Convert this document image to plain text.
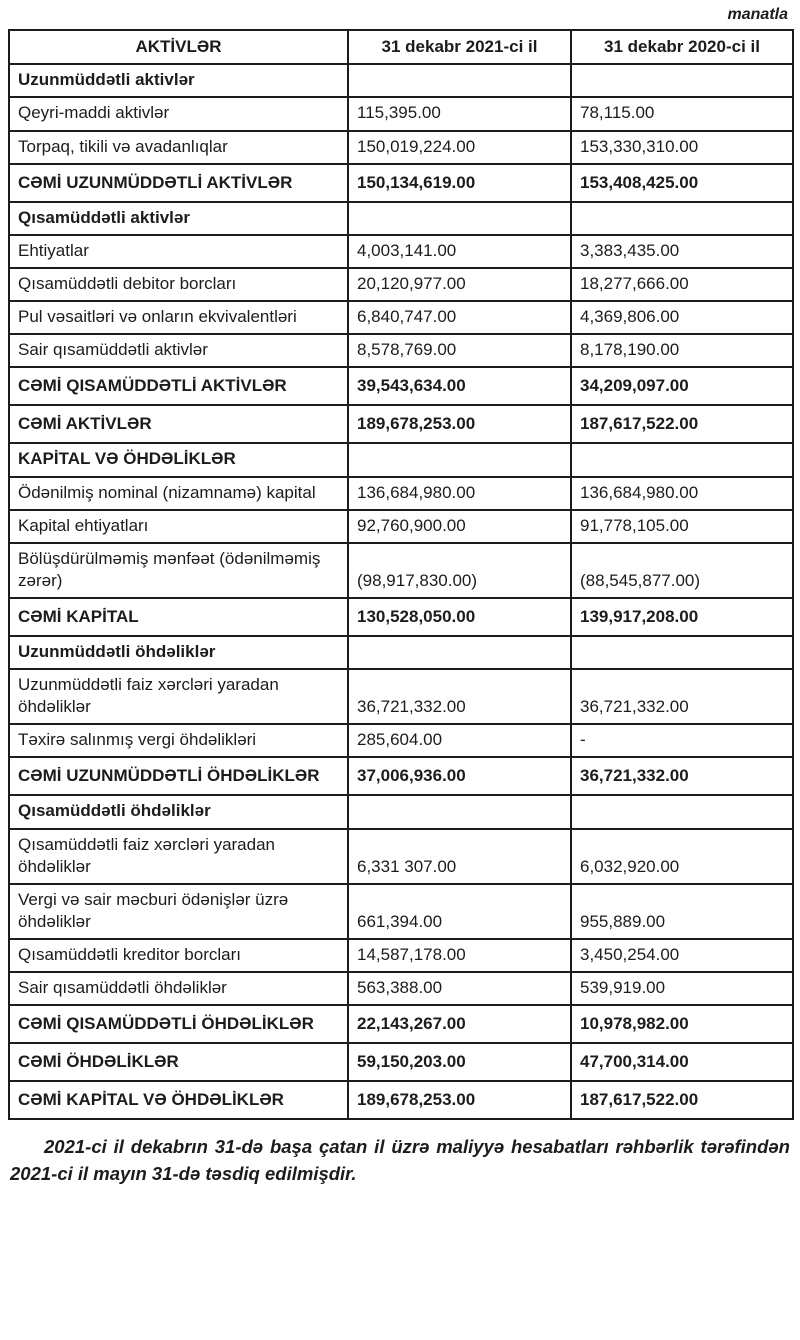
manatla
AKTİVLƏR	31 dekabr 2021-ci il	31 dekabr 2020-ci il
Uzunmüddətli aktivlər		
Qeyri-maddi aktivlər	115,395.00	78,115.00
Torpaq, tikili və avadanlıqlar	150,019,224.00	153,330,310.00
CƏMİ UZUNMÜDDƏTLİ AKTİVLƏR	150,134,619.00	153,408,425.00
Qısamüddətli aktivlər		
Ehtiyatlar	4,003,141.00	3,383,435.00
Qısamüddətli debitor borcları	20,120,977.00	18,277,666.00
Pul vəsaitləri və onların ekvivalentləri	6,840,747.00	4,369,806.00
Sair qısamüddətli aktivlər	8,578,769.00	8,178,190.00
CƏMİ QISAMÜDDƏTLİ AKTİVLƏR	39,543,634.00	34,209,097.00
CƏMİ AKTİVLƏR	189,678,253.00	187,617,522.00
KAPİTAL VƏ ÖHDƏLİKLƏR		
Ödənilmiş nominal (nizamnamə) kapital	136,684,980.00	136,684,980.00
Kapital ehtiyatları	92,760,900.00	91,778,105.00
Bölüşdürülməmiş mənfəət (ödənilməmiş zərər)	(98,917,830.00)	(88,545,877.00)
CƏMİ KAPİTAL	130,528,050.00	139,917,208.00
Uzunmüddətli öhdəliklər		
Uzunmüddətli faiz xərcləri yaradan öhdəliklər	36,721,332.00	36,721,332.00
Təxirə salınmış vergi öhdəlikləri	285,604.00	-
CƏMİ UZUNMÜDDƏTLİ ÖHDƏLİKLƏR	37,006,936.00	36,721,332.00
Qısamüddətli öhdəliklər		
Qısamüddətli faiz xərcləri yaradan öhdəliklər	6,331 307.00	6,032,920.00
Vergi və sair məcburi ödənişlər üzrə öhdəliklər	661,394.00	955,889.00
Qısamüddətli kreditor borcları	14,587,178.00	3,450,254.00
Sair qısamüddətli öhdəliklər	563,388.00	539,919.00
CƏMİ QISAMÜDDƏTLİ ÖHDƏLİKLƏR	22,143,267.00	10,978,982.00
CƏMİ ÖHDƏLİKLƏR	59,150,203.00	47,700,314.00
CƏMİ KAPİTAL VƏ ÖHDƏLİKLƏR	189,678,253.00	187,617,522.00

2021-ci il dekabrın 31-də başa çatan il üzrə maliyyə hesabatları rəhbərlik tərəfindən 2021-ci il mayın 31-də təsdiq edilmişdir.
